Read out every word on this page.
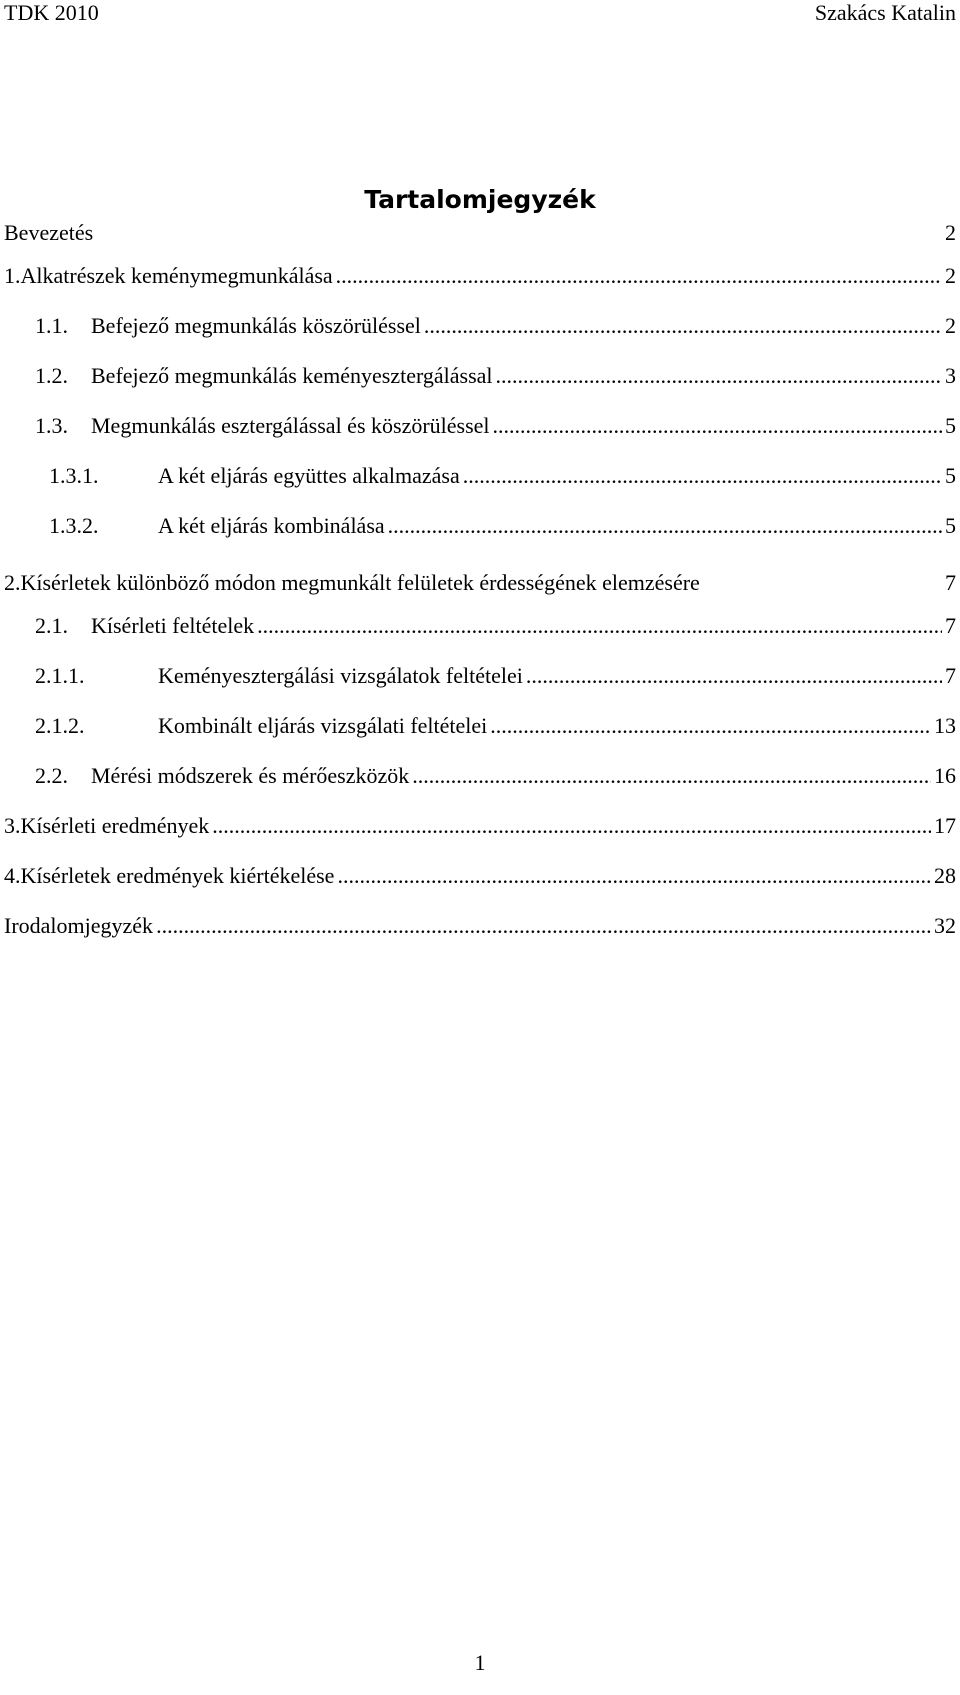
TDK 2010	Szakács Katalin
Tartalomjegyzék
Bevezetés	2
1. Alkatrészek keménymegmunkálása .....	2
1.1.	Befejező megmunkálás köszörüléssel .....	2
1.2.	Befejező megmunkálás keményesztergálással .....	3
1.3.	Megmunkálás esztergálással és köszörüléssel .....	5
1.3.1.	A két eljárás együttes alkalmazása .....	5
1.3.2.	A két eljárás kombinálása .....	5
2. Kísérletek különböző módon megmunkált felületek érdességének elemzésére	7
2.1.	Kísérleti feltételek .....	7
2.1.1.	Keményesztergálási vizsgálatok feltételei .....	7
2.1.2.	Kombinált eljárás vizsgálati feltételei .....	13
2.2.	Mérési módszerek és mérőeszközök .....	16
3. Kísérleti eredmények .....	17
4. Kísérletek eredmények kiértékelése .....	28
Irodalomjegyzék .....	32
1
